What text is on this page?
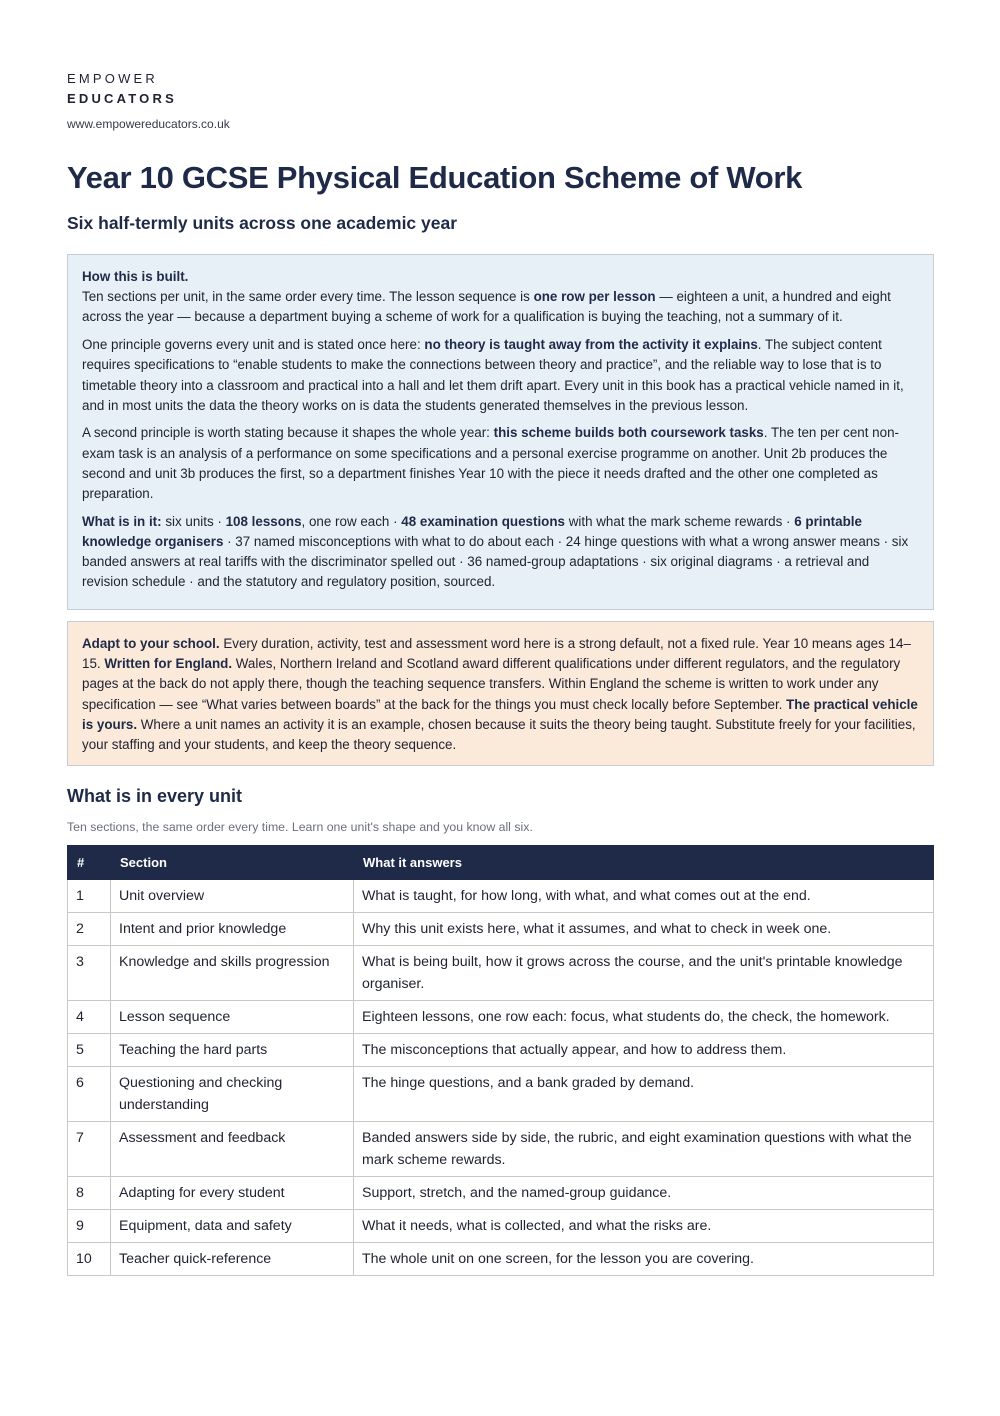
EMPOWER
EDUCATORS
www.empowereducators.co.uk
Year 10 GCSE Physical Education Scheme of Work
Six half-termly units across one academic year

How this is built.
Ten sections per unit, in the same order every time. The lesson sequence is one row per lesson — eighteen a unit, a hundred and eight across the year — because a department buying a scheme of work for a qualification is buying the teaching, not a summary of it.

One principle governs every unit and is stated once here: no theory is taught away from the activity it explains. The subject content requires specifications to “enable students to make the connections between theory and practice”, and the reliable way to lose that is to timetable theory into a classroom and practical into a hall and let them drift apart. Every unit in this book has a practical vehicle named in it, and in most units the data the theory works on is data the students generated themselves in the previous lesson.

A second principle is worth stating because it shapes the whole year: this scheme builds both coursework tasks. The ten per cent non-exam task is an analysis of a performance on some specifications and a personal exercise programme on another. Unit 2b produces the second and unit 3b produces the first, so a department finishes Year 10 with the piece it needs drafted and the other one completed as preparation.

What is in it: six units · 108 lessons, one row each · 48 examination questions with what the mark scheme rewards · 6 printable knowledge organisers · 37 named misconceptions with what to do about each · 24 hinge questions with what a wrong answer means · six banded answers at real tariffs with the discriminator spelled out · 36 named-group adaptations · six original diagrams · a retrieval and revision schedule · and the statutory and regulatory position, sourced.

Adapt to your school. Every duration, activity, test and assessment word here is a strong default, not a fixed rule. Year 10 means ages 14–15. Written for England. Wales, Northern Ireland and Scotland award different qualifications under different regulators, and the regulatory pages at the back do not apply there, though the teaching sequence transfers. Within England the scheme is written to work under any specification — see “What varies between boards” at the back for the things you must check locally before September. The practical vehicle is yours. Where a unit names an activity it is an example, chosen because it suits the theory being taught. Substitute freely for your facilities, your staffing and your students, and keep the theory sequence.

What is in every unit
Ten sections, the same order every time. Learn one unit's shape and you know all six.
#	Section	What it answers
1	Unit overview	What is taught, for how long, with what, and what comes out at the end.
2	Intent and prior knowledge	Why this unit exists here, what it assumes, and what to check in week one.
3	Knowledge and skills progression	What is being built, how it grows across the course, and the unit's printable knowledge organiser.
4	Lesson sequence	Eighteen lessons, one row each: focus, what students do, the check, the homework.
5	Teaching the hard parts	The misconceptions that actually appear, and how to address them.
6	Questioning and checking understanding	The hinge questions, and a bank graded by demand.
7	Assessment and feedback	Banded answers side by side, the rubric, and eight examination questions with what the mark scheme rewards.
8	Adapting for every student	Support, stretch, and the named-group guidance.
9	Equipment, data and safety	What it needs, what is collected, and what the risks are.
10	Teacher quick-reference	The whole unit on one screen, for the lesson you are covering.
